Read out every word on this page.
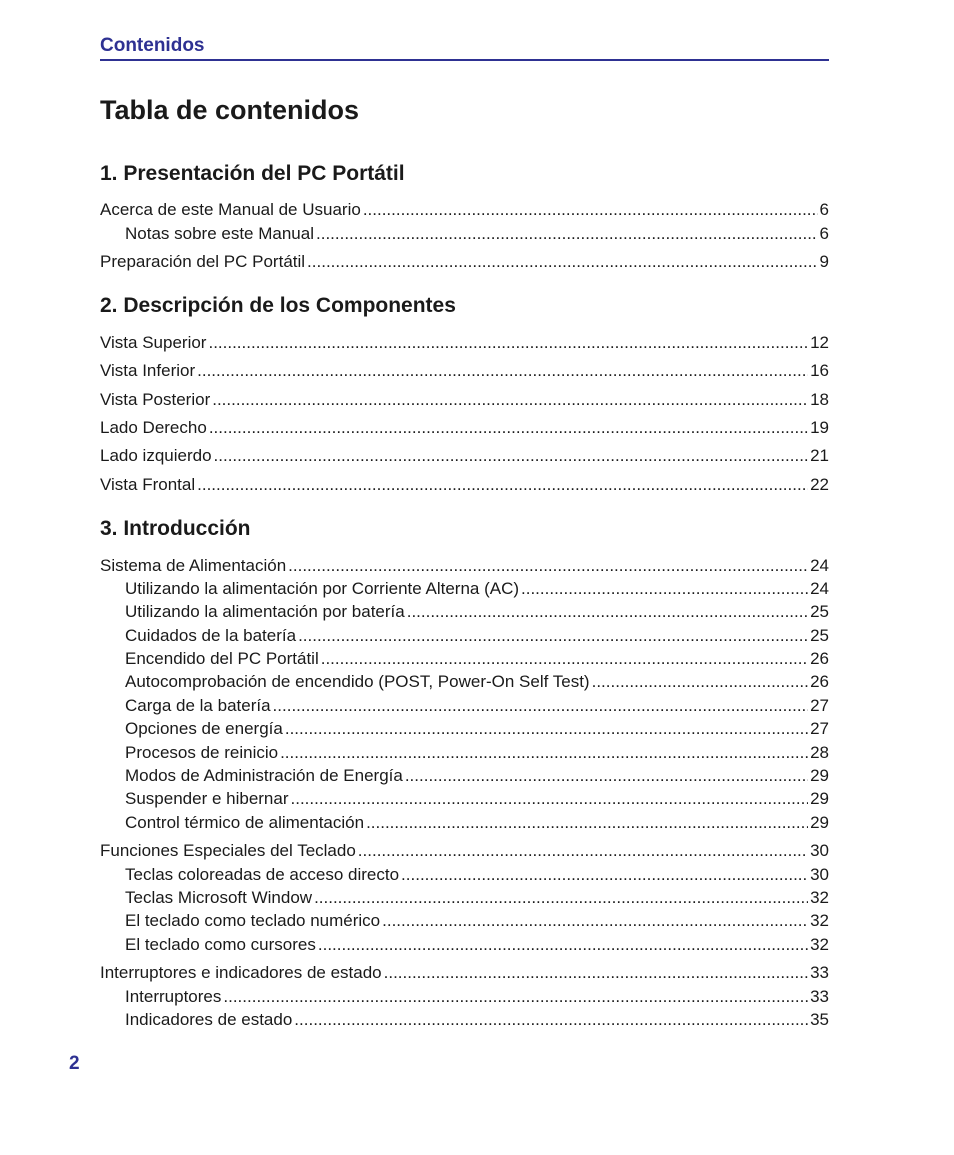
Contenidos
Tabla de contenidos
1. Presentación del PC Portátil
Acerca de este Manual de Usuario .....	6
Notas sobre este Manual .....	6
Preparación del PC Portátil .....	9
2. Descripción de los Componentes
Vista Superior .....	12
Vista Inferior .....	16
Vista Posterior .....	18
Lado Derecho .....	19
Lado izquierdo .....	21
Vista Frontal .....	22
3. Introducción
Sistema de Alimentación .....	24
Utilizando la alimentación por Corriente Alterna (AC) .....	24
Utilizando la alimentación por batería .....	25
Cuidados de la batería .....	25
Encendido del PC Portátil .....	26
Autocomprobación de encendido (POST, Power-On Self Test) .....	26
Carga de la batería .....	27
Opciones de energía .....	27
Procesos de reinicio .....	28
Modos de Administración de Energía .....	29
Suspender e hibernar .....	29
Control térmico de alimentación .....	29
Funciones Especiales del Teclado .....	30
Teclas coloreadas de acceso directo .....	30
Teclas Microsoft Window .....	32
El teclado como teclado numérico .....	32
El teclado como cursores .....	32
Interruptores e indicadores de estado .....	33
Interruptores .....	33
Indicadores de estado .....	35
2
